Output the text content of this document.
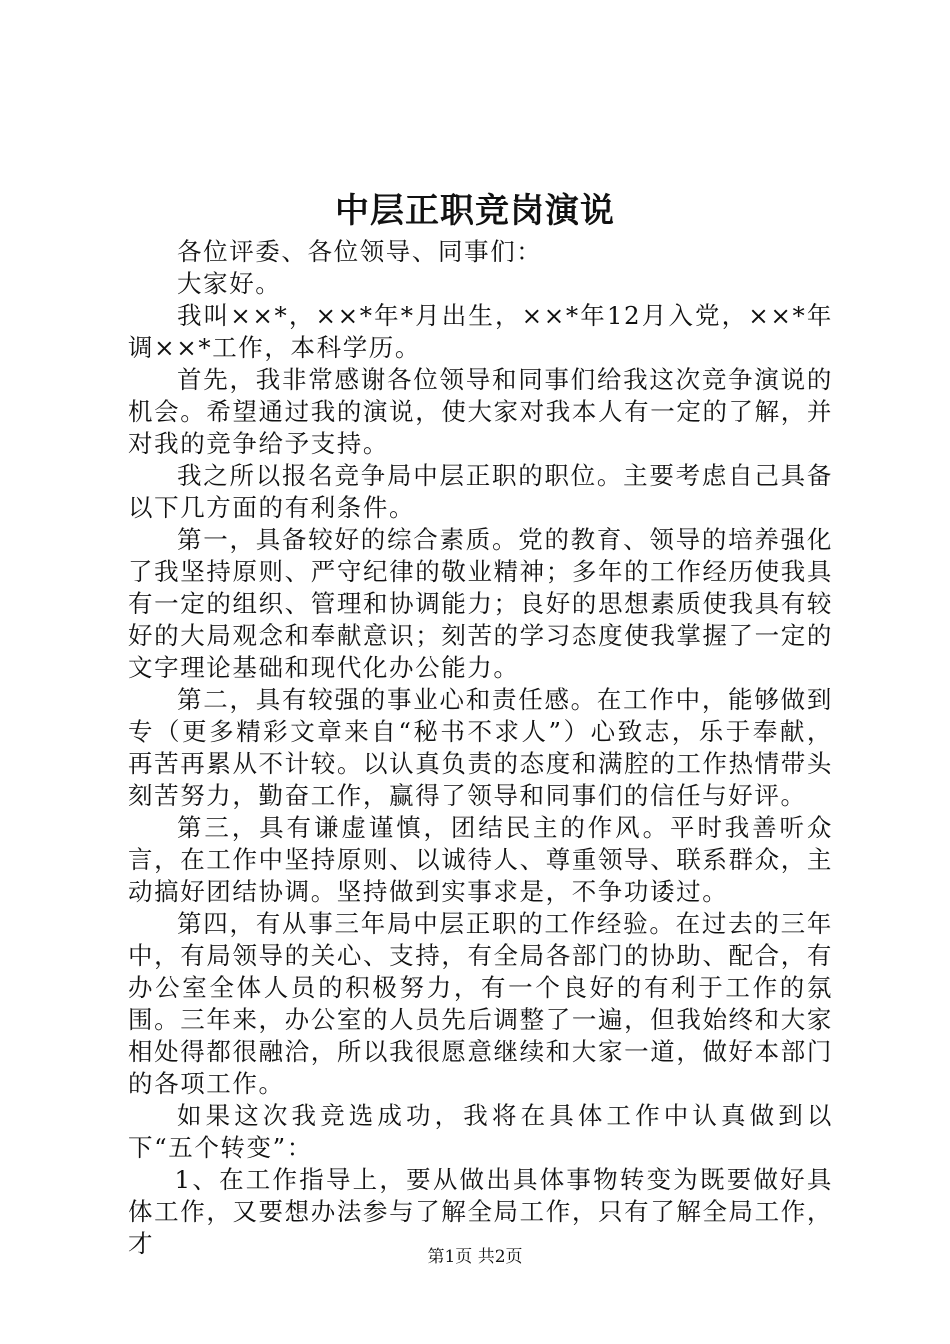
中层正职竞岗演说

各位评委、各位领导、同事们：

大家好。

我叫××*，××*年*月出生，××*年12月入党，××*年调××*工作，本科学历。

首先，我非常感谢各位领导和同事们给我这次竞争演说的机会。希望通过我的演说，使大家对我本人有一定的了解，并对我的竞争给予支持。

我之所以报名竞争局中层正职的职位。主要考虑自己具备以下几方面的有利条件。

第一，具备较好的综合素质。党的教育、领导的培养强化了我坚持原则、严守纪律的敬业精神；多年的工作经历使我具有一定的组织、管理和协调能力；良好的思想素质使我具有较好的大局观念和奉献意识；刻苦的学习态度使我掌握了一定的文字理论基础和现代化办公能力。

第二，具有较强的事业心和责任感。在工作中，能够做到专（更多精彩文章来自“秘书不求人”）心致志，乐于奉献，再苦再累从不计较。以认真负责的态度和满腔的工作热情带头刻苦努力，勤奋工作，赢得了领导和同事们的信任与好评。

第三，具有谦虚谨慎，团结民主的作风。平时我善听众言，在工作中坚持原则、以诚待人、尊重领导、联系群众，主动搞好团结协调。坚持做到实事求是，不争功诿过。

第四，有从事三年局中层正职的工作经验。在过去的三年中，有局领导的关心、支持，有全局各部门的协助、配合，有办公室全体人员的积极努力，有一个良好的有利于工作的氛围。三年来，办公室的人员先后调整了一遍，但我始终和大家相处得都很融洽，所以我很愿意继续和大家一道，做好本部门的各项工作。

如果这次我竞选成功，我将在具体工作中认真做到以下“五个转变”：

1、在工作指导上，要从做出具体事物转变为既要做好具体工作，又要想办法参与了解全局工作，只有了解全局工作，才	第1页 共2页
